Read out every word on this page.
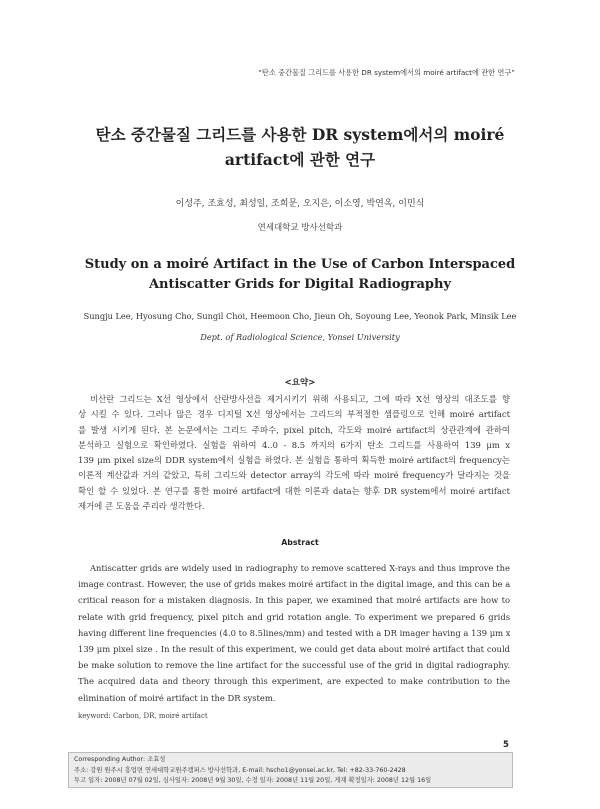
“탄소 중간물질 그리드를 사용한 DR system에서의 moiré artifact에 관한 연구”
탄소 중간물질 그리드를 사용한 DR system에서의 moiré
artifact에 관한 연구
이성주, 조효성, 최성일, 조희문, 오지은, 이소영, 박연옥, 이민식
연세대학교 방사선학과
Study on a moiré Artifact in the Use of Carbon Interspaced
Antiscatter Grids for Digital Radiography
Sungju Lee, Hyosung Cho, Sungil Choi, Heemoon Cho, Jieun Oh, Soyoung Lee, Yeonok Park, Minsik Lee
Dept. of Radiological Science, Yonsei University
<요약>
비산란 그리드는 X선 영상에서 산란방사선을 제거시키기 위해 사용되고, 그에 따라 X선 영상의 대조도를 향
상 시킬 수 있다. 그러나 많은 경우 디지털 X선 영상에서는 그리드의 부적절한 샘플링으로 인해 moiré artifact
를 발생 시키게 된다. 본 논문에서는 그리드 주파수, pixel pitch, 각도와 moiré artifact의 상관관계에 관하여
분석하고 실험으로 확인하였다. 실험을 위하여 4..0 - 8.5 까지의 6가지 탄소 그리드를 사용하여 139 μm x
139 μm pixel size의 DDR system에서 실험을 하였다. 본 실험을 통하여 획득한 moiré artifact의 frequency는
이론적 계산값과 거의 같았고, 특히 그리드와 detector array의 각도에 따라 moiré frequency가 달라지는 것을
확인 할 수 있었다. 본 연구를 통한 moiré artifact에 대한 이론과 data는 향후 DR system에서 moiré artifact
제거에 큰 도움을 주리라 생각한다.
Abstract
Antiscatter grids are widely used in radiography to remove scattered X-rays and thus improve the
image contrast. However, the use of grids makes moiré artifact in the digital image, and this can be a
critical reason for a mistaken diagnosis. In this paper, we examined that moiré artifacts are how to
relate with grid frequency, pixel pitch and grid rotation angle. To experiment we prepared 6 grids
having different line frequencies (4.0 to 8.5lines/mm) and tested with a DR imager having a 139 μm x
139 μm pixel size . In the result of this experiment, we could get data about moiré artifact that could
be make solution to remove the line artifact for the successful use of the grid in digital radiography.
The acquired data and theory through this experiment, are expected to make contribution to the
elimination of moiré artifact in the DR system.
keyword: Carbon, DR, moiré artifact
5
Corresponding Author: 조효성
주소: 강원 원주시 흥업면 연세대학교원주캠퍼스 방사선학과, E-mail: hscho1@yonsei.ac.kr, Tel: +82-33-760-2428
투고 일자: 2008년 07월 02일, 심사일자: 2008년 9월 30일, 수정 일자: 2008년 11월 20일, 게재 확정일자: 2008년 12월 16일
